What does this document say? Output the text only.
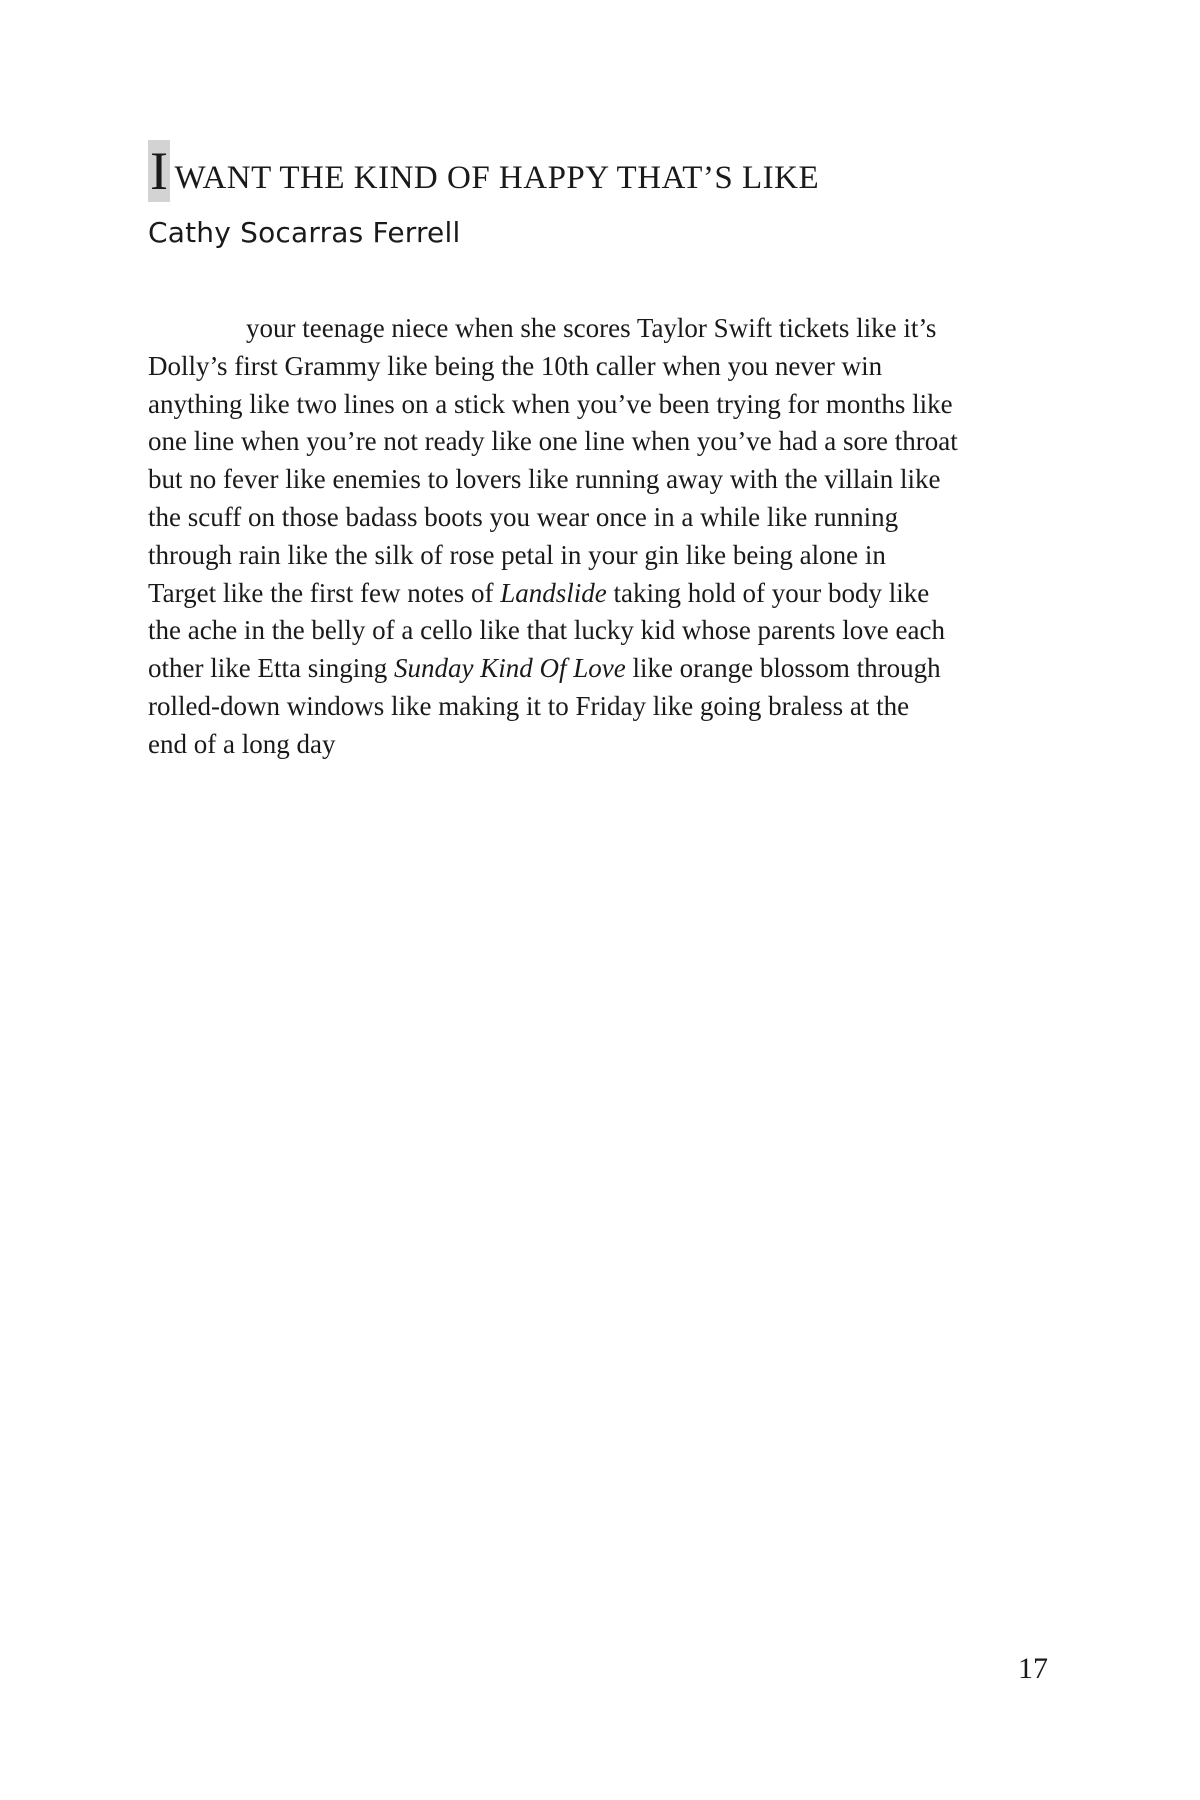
I WANT THE KIND OF HAPPY THAT’S LIKE
Cathy Socarras Ferrell
your teenage niece when she scores Taylor Swift tickets like it’s
Dolly’s first Grammy like being the 10th caller when you never win
anything like two lines on a stick when you’ve been trying for months like
one line when you’re not ready like one line when you’ve had a sore throat
but no fever like enemies to lovers like running away with the villain like
the scuff on those badass boots you wear once in a while like running
through rain like the silk of rose petal in your gin like being alone in
Target like the first few notes of Landslide taking hold of your body like
the ache in the belly of a cello like that lucky kid whose parents love each
other like Etta singing Sunday Kind Of Love like orange blossom through
rolled-down windows like making it to Friday like going braless at the
end of a long day
17
